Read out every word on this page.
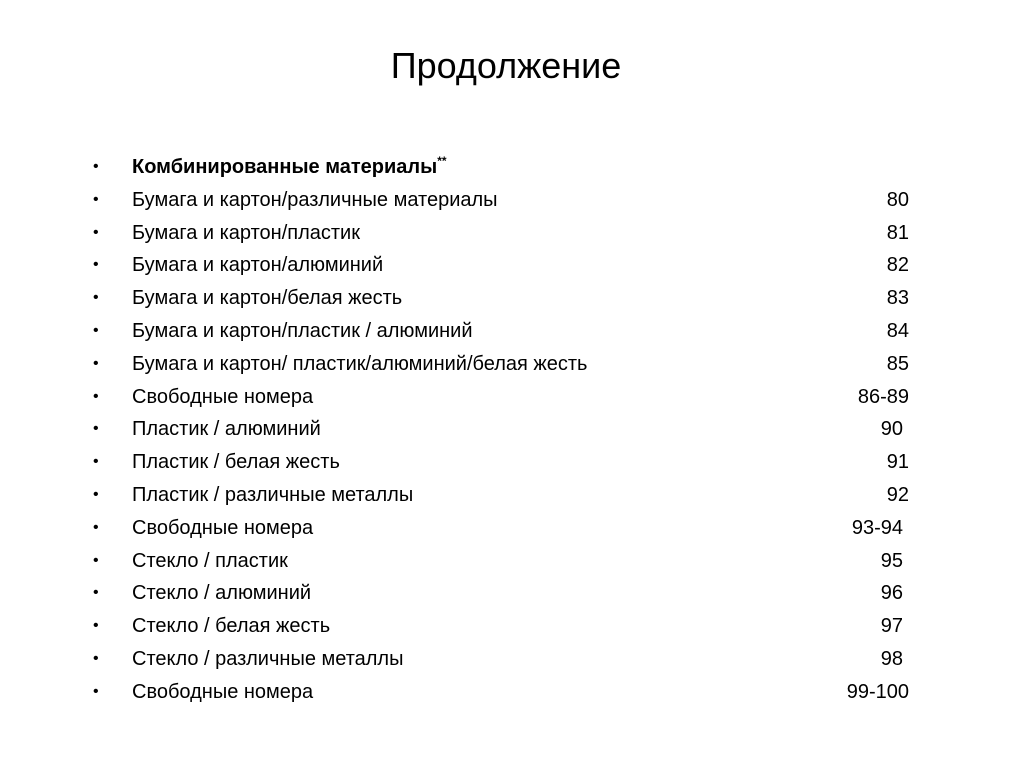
Продолжение
• Комбинированные материалы**
• Бумага и картон/различные материалы	80
• Бумага и картон/пластик	81
• Бумага и картон/алюминий	82
• Бумага и картон/белая жесть	83
• Бумага и картон/пластик / алюминий	84
• Бумага и картон/ пластик/алюминий/белая жесть	85
• Свободные номера	86-89
• Пластик / алюминий	90
• Пластик / белая жесть	91
• Пластик / различные металлы	92
• Свободные номера	93-94
• Стекло / пластик	95
• Стекло / алюминий	96
• Стекло / белая жесть	97
• Стекло / различные металлы	98
• Свободные номера	99-100
